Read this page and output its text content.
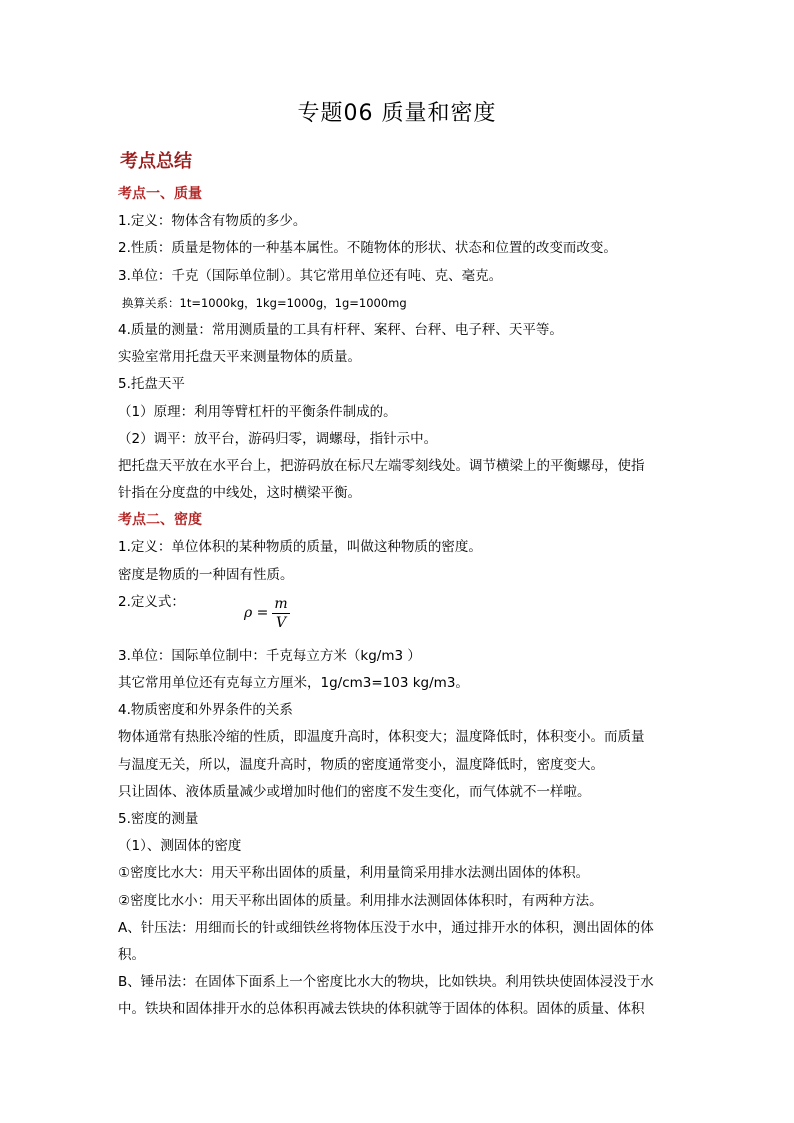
专题06 质量和密度
考点总结
考点一、质量
1.定义：物体含有物质的多少。
2.性质：质量是物体的一种基本属性。不随物体的形状、状态和位置的改变而改变。
3.单位：千克（国际单位制）。其它常用单位还有吨、克、毫克。
换算关系：1t=1000kg，1kg=1000g，1g=1000mg
4.质量的测量：常用测质量的工具有杆秤、案秤、台秤、电子秤、天平等。
实验室常用托盘天平来测量物体的质量。
5.托盘天平
（1）原理：利用等臂杠杆的平衡条件制成的。
（2）调平：放平台，游码归零，调螺母，指针示中。
把托盘天平放在水平台上，把游码放在标尺左端零刻线处。调节横梁上的平衡螺母，使指
针指在分度盘的中线处，这时横梁平衡。
考点二、密度
1.定义：单位体积的某种物质的质量，叫做这种物质的密度。
密度是物质的一种固有性质。
2.定义式：
$\rho = \frac{m}{V}$
3.单位：国际单位制中：千克每立方米（kg/m3 ）
其它常用单位还有克每立方厘米，1g/cm3=103 kg/m3。
4.物质密度和外界条件的关系
物体通常有热胀冷缩的性质，即温度升高时，体积变大；温度降低时，体积变小。而质量
与温度无关，所以，温度升高时，物质的密度通常变小，温度降低时，密度变大。
只让固体、液体质量减少或增加时他们的密度不发生变化，而气体就不一样啦。
5.密度的测量
（1）、测固体的密度
①密度比水大：用天平称出固体的质量，利用量筒采用排水法测出固体的体积。
②密度比水小：用天平称出固体的质量。利用排水法测固体体积时，有两种方法。
A、针压法：用细而长的针或细铁丝将物体压没于水中，通过排开水的体积，测出固体的体
积。
B、锤吊法：在固体下面系上一个密度比水大的物块，比如铁块。利用铁块使固体浸没于水
中。铁块和固体排开水的总体积再减去铁块的体积就等于固体的体积。固体的质量、体积
